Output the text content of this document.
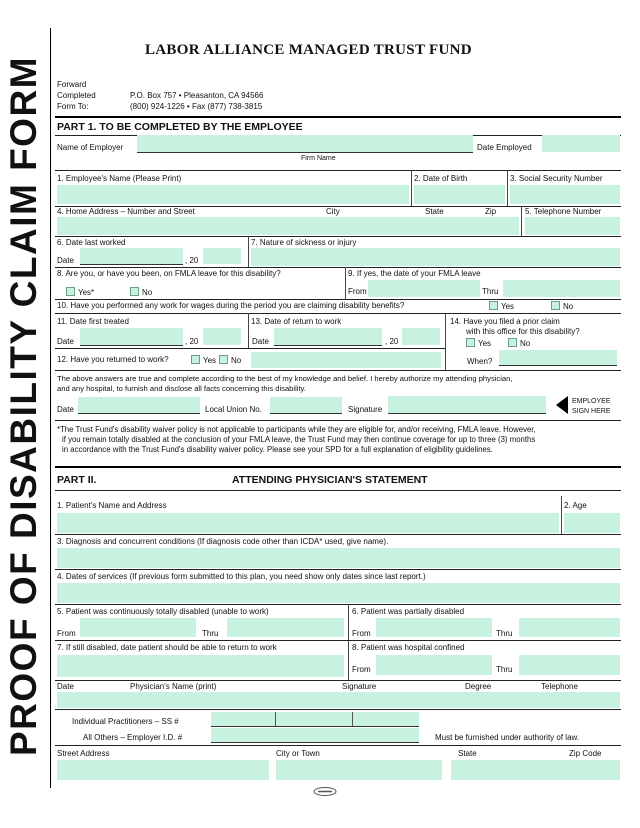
PROOF OF DISABILITY CLAIM FORM
LABOR ALLIANCE MANAGED TRUST FUND
Forward
Completed
Form To:
P.O. Box 757 • Pleasanton, CA 94566
(800) 924-1226 • Fax (877) 738-3815
PART 1. TO BE COMPLETED BY THE EMPLOYEE
Name of Employer	Date Employed
Firm Name
1. Employee's Name (Please Print)	2. Date of Birth	3. Social Security Number
4. Home Address – Number and Street	City	State	Zip	5. Telephone Number
6. Date last worked	7. Nature of sickness or injury
Date	, 20
8. Are you, or have you been, on FMLA leave for this disability?
Yes*	No
9. If yes, the date of your FMLA leave
From	Thru
10. Have you performed any work for wages during the period you are claiming disability benefits?	Yes	No
11. Date first treated	13. Date of return to work	14. Have you filed a prior claim
with this office for this disability?
Yes	No
Date	, 20	Date	, 20
12. Have you returned to work?	Yes	No	When?
The above answers are true and complete according to the best of my knowledge and belief. I hereby authorize my attending physician,
and any hospital, to furnish and disclose all facts concerning this disability.
Date	Local Union No.	Signature
EMPLOYEE
SIGN HERE
*The Trust Fund's disability waiver policy is not applicable to participants while they are eligible for, and/or receiving, FMLA leave. However,
if you remain totally disabled at the conclusion of your FMLA leave, the Trust Fund may then continue coverage for up to three (3) months
in accordance with the Trust Fund's disability waiver policy. Please see your SPD for a full explanation of eligibility guidelines.
PART II.	ATTENDING PHYSICIAN'S STATEMENT
1. Patient's Name and Address	2. Age
3. Diagnosis and concurrent conditions (If diagnosis code other than ICDA* used, give name).
4. Dates of services (If previous form submitted to this plan, you need show only dates since last report.)
5. Patient was continuously totally disabled (unable to work)	6. Patient was partially disabled
From	Thru	From	Thru
7. If still disabled, date patient should be able to return to work	8. Patient was hospital confined
From	Thru
Date	Physician's Name (print)	Signature	Degree	Telephone
Individual Practitioners – SS #
All Others – Employer I.D. #	Must be furnished under authority of law.
Street Address	City or Town	State	Zip Code
